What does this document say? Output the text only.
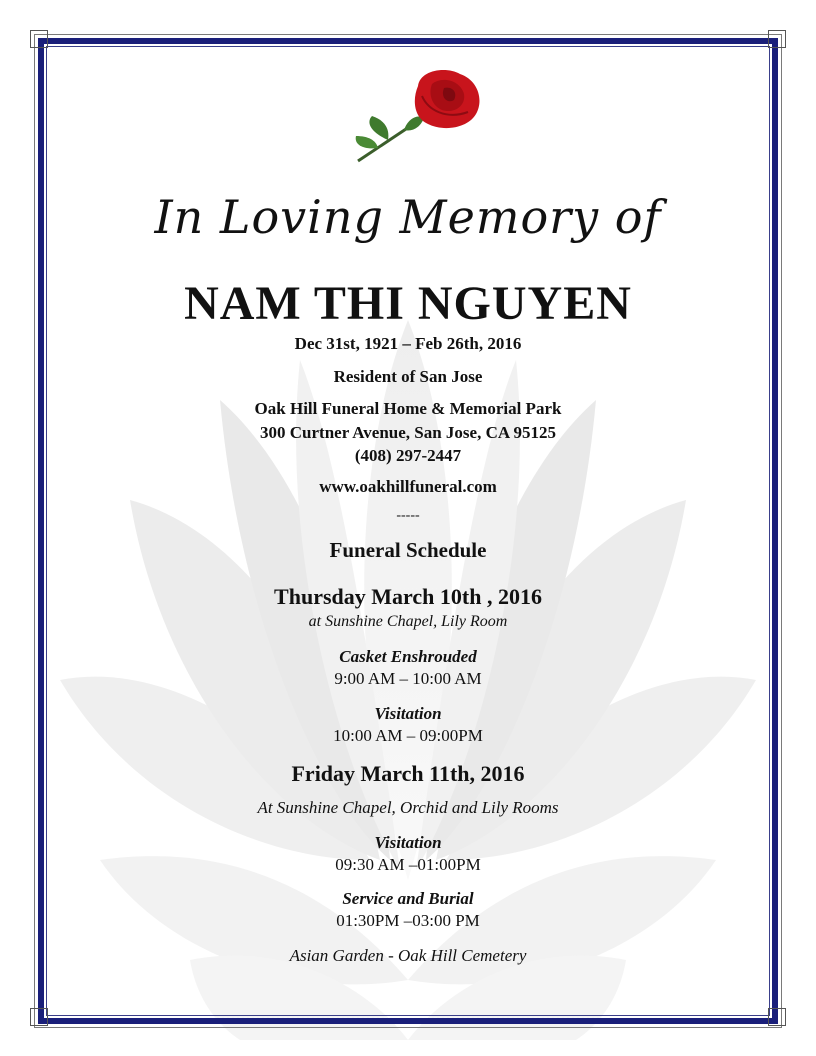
In Loving Memory of
NAM THI NGUYEN
Dec 31st, 1921 – Feb 26th, 2016
Resident of San Jose
Oak Hill Funeral Home & Memorial Park
300 Curtner Avenue, San Jose, CA 95125
(408) 297-2447
www.oakhillfuneral.com
-----
Funeral Schedule
Thursday March 10th , 2016
at Sunshine Chapel, Lily Room
Casket Enshrouded
9:00 AM – 10:00 AM
Visitation
10:00 AM – 09:00PM
Friday March 11th, 2016
At Sunshine Chapel, Orchid and Lily Rooms
Visitation
09:30 AM –01:00PM
Service and Burial
01:30PM –03:00 PM
Asian Garden - Oak Hill Cemetery
